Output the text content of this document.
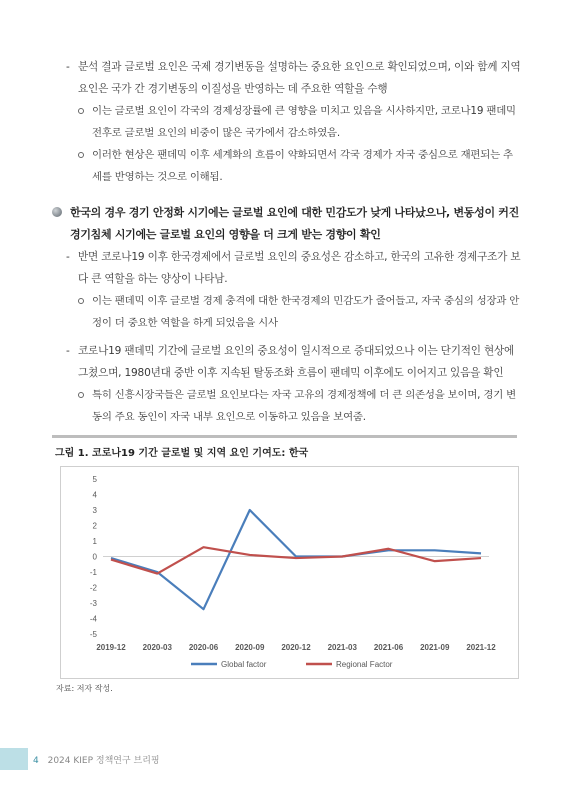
- 분석 결과 글로벌 요인은 국제 경기변동을 설명하는 중요한 요인으로 확인되었으며, 이와 함께 지역 요인은 국가 간 경기변동의 이질성을 반영하는 데 주요한 역할을 수행
이는 글로벌 요인이 각국의 경제성장률에 큰 영향을 미치고 있음을 시사하지만, 코로나19 팬데믹 전후로 글로벌 요인의 비중이 많은 국가에서 감소하였음.
이러한 현상은 팬데믹 이후 세계화의 흐름이 약화되면서 각국 경제가 자국 중심으로 재편되는 추세를 반영하는 것으로 이해됨.
한국의 경우 경기 안정화 시기에는 글로벌 요인에 대한 민감도가 낮게 나타났으나, 변동성이 커진 경기침체 시기에는 글로벌 요인의 영향을 더 크게 받는 경향이 확인
- 반면 코로나19 이후 한국경제에서 글로벌 요인의 중요성은 감소하고, 한국의 고유한 경제구조가 보다 큰 역할을 하는 양상이 나타남.
이는 팬데믹 이후 글로벌 경제 충격에 대한 한국경제의 민감도가 줄어들고, 자국 중심의 성장과 안정이 더 중요한 역할을 하게 되었음을 시사
- 코로나19 팬데믹 기간에 글로벌 요인의 중요성이 일시적으로 증대되었으나 이는 단기적인 현상에 그쳤으며, 1980년대 중반 이후 지속된 탈동조화 흐름이 팬데믹 이후에도 이어지고 있음을 확인
특히 신흥시장국들은 글로벌 요인보다는 자국 고유의 경제정책에 더 큰 의존성을 보이며, 경기 변동의 주요 동인이 자국 내부 요인으로 이동하고 있음을 보여줌.
그림 1. 코로나19 기간 글로벌 및 지역 요인 기여도: 한국
-5
-4
-3
-2
-1
0
1
2
3
4
5
2019-12 2020-03 2020-06 2020-09 2020-12 2021-03 2021-06 2021-09 2021-12
Global factor	Regional Factor
자료: 저자 작성.
4 2024 KIEP 정책연구 브리핑
